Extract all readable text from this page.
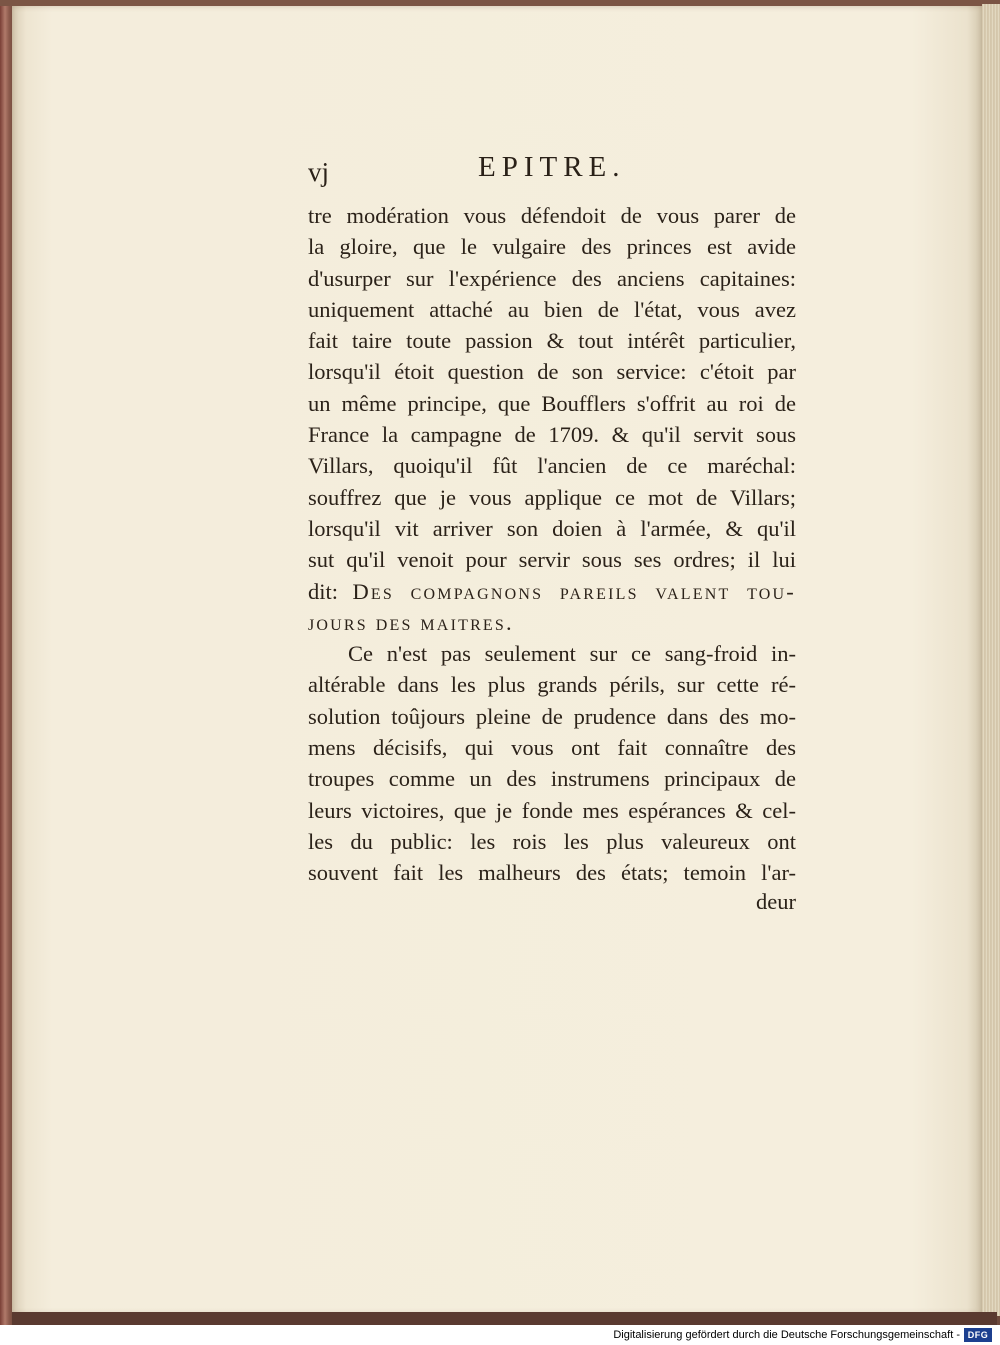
vj	EPITRE.
tre modération vous défendoit de vous parer de
la gloire, que le vulgaire des princes est avide
d'usurper sur l'expérience des anciens capitaines:
uniquement attaché au bien de l'état, vous avez
fait taire toute passion & tout intérêt particulier,
lorsqu'il étoit question de son service: c'étoit par
un même principe, que Boufflers s'offrit au roi de
France la campagne de 1709. & qu'il servit sous
Villars, quoiqu'il fût l'ancien de ce maréchal:
souffrez que je vous applique ce mot de Villars;
lorsqu'il vit arriver son doien à l'armée, & qu'il
sut qu'il venoit pour servir sous ses ordres; il lui
dit: Des compagnons pareils valent tou-
jours des maitres.
Ce n'est pas seulement sur ce sang-froid in-
altérable dans les plus grands périls, sur cette ré-
solution toûjours pleine de prudence dans des mo-
mens décisifs, qui vous ont fait connaître des
troupes comme un des instrumens principaux de
leurs victoires, que je fonde mes espérances & cel-
les du public: les rois les plus valeureux ont
souvent fait les malheurs des états; temoin l'ar-
deur
Digitalisierung gefördert durch die Deutsche Forschungsgemeinschaft - DFG
